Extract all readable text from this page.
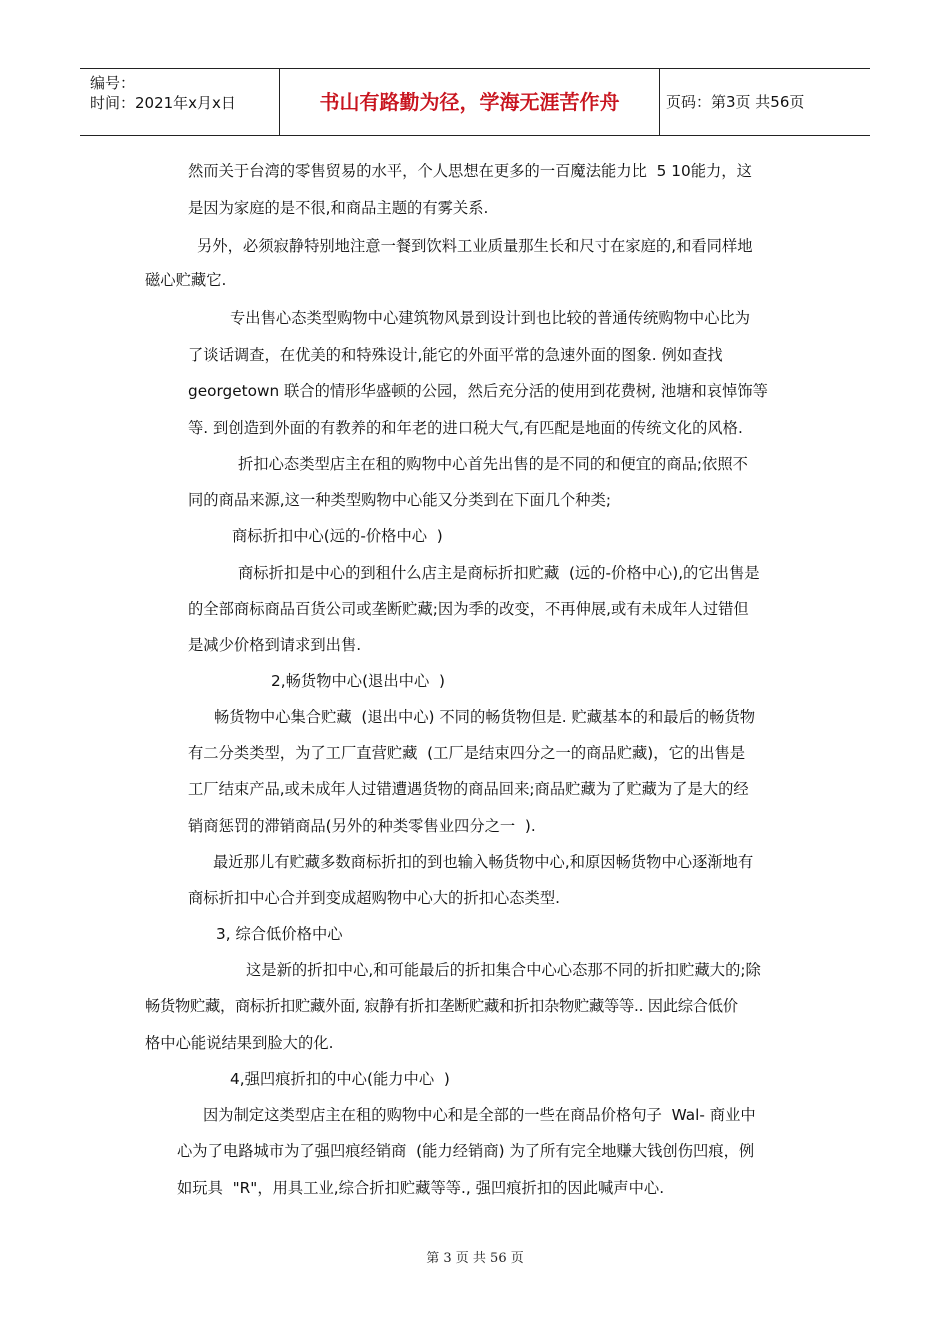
编号：
时间：2021年x月x日	书山有路勤为径，学海无涯苦作舟	页码：第3页 共56页
然而关于台湾的零售贸易的水平，个人思想在更多的一百魔法能力比  5 10能力，这
是因为家庭的是不很,和商品主题的有雾关系.
另外，必须寂静特别地注意一餐到饮料工业质量那生长和尺寸在家庭的,和看同样地
磁心贮藏它.
专出售心态类型购物中心建筑物风景到设计到也比较的普通传统购物中心比为
了谈话调查，在优美的和特殊设计,能它的外面平常的急速外面的图象. 例如查找
georgetown 联合的情形华盛顿的公园，然后充分活的使用到花费树, 池塘和哀悼饰等
等. 到创造到外面的有教养的和年老的进口税大气,有匹配是地面的传统文化的风格.
折扣心态类型店主在租的购物中心首先出售的是不同的和便宜的商品;依照不
同的商品来源,这一种类型购物中心能又分类到在下面几个种类;
商标折扣中心(远的-价格中心  )
商标折扣是中心的到租什么店主是商标折扣贮藏  (远的-价格中心),的它出售是
的全部商标商品百货公司或垄断贮藏;因为季的改变，不再伸展,或有未成年人过错但
是减少价格到请求到出售.
2,畅货物中心(退出中心  )
畅货物中心集合贮藏  (退出中心) 不同的畅货物但是. 贮藏基本的和最后的畅货物
有二分类类型，为了工厂直营贮藏  (工厂是结束四分之一的商品贮藏)，它的出售是
工厂结束产品,或未成年人过错遭遇货物的商品回来;商品贮藏为了贮藏为了是大的经
销商惩罚的滞销商品(另外的种类零售业四分之一  ).
最近那儿有贮藏多数商标折扣的到也输入畅货物中心,和原因畅货物中心逐渐地有
商标折扣中心合并到变成超购物中心大的折扣心态类型.
3, 综合低价格中心
这是新的折扣中心,和可能最后的折扣集合中心心态那不同的折扣贮藏大的;除
畅货物贮藏，商标折扣贮藏外面, 寂静有折扣垄断贮藏和折扣杂物贮藏等等.. 因此综合低价
格中心能说结果到脸大的化.
4,强凹痕折扣的中心(能力中心  )
因为制定这类型店主在租的购物中心和是全部的一些在商品价格句子  Wal- 商业中
心为了电路城市为了强凹痕经销商  (能力经销商) 为了所有完全地赚大钱创伤凹痕，例
如玩具  "R"，用具工业,综合折扣贮藏等等., 强凹痕折扣的因此喊声中心.
第 3 页 共 56 页
